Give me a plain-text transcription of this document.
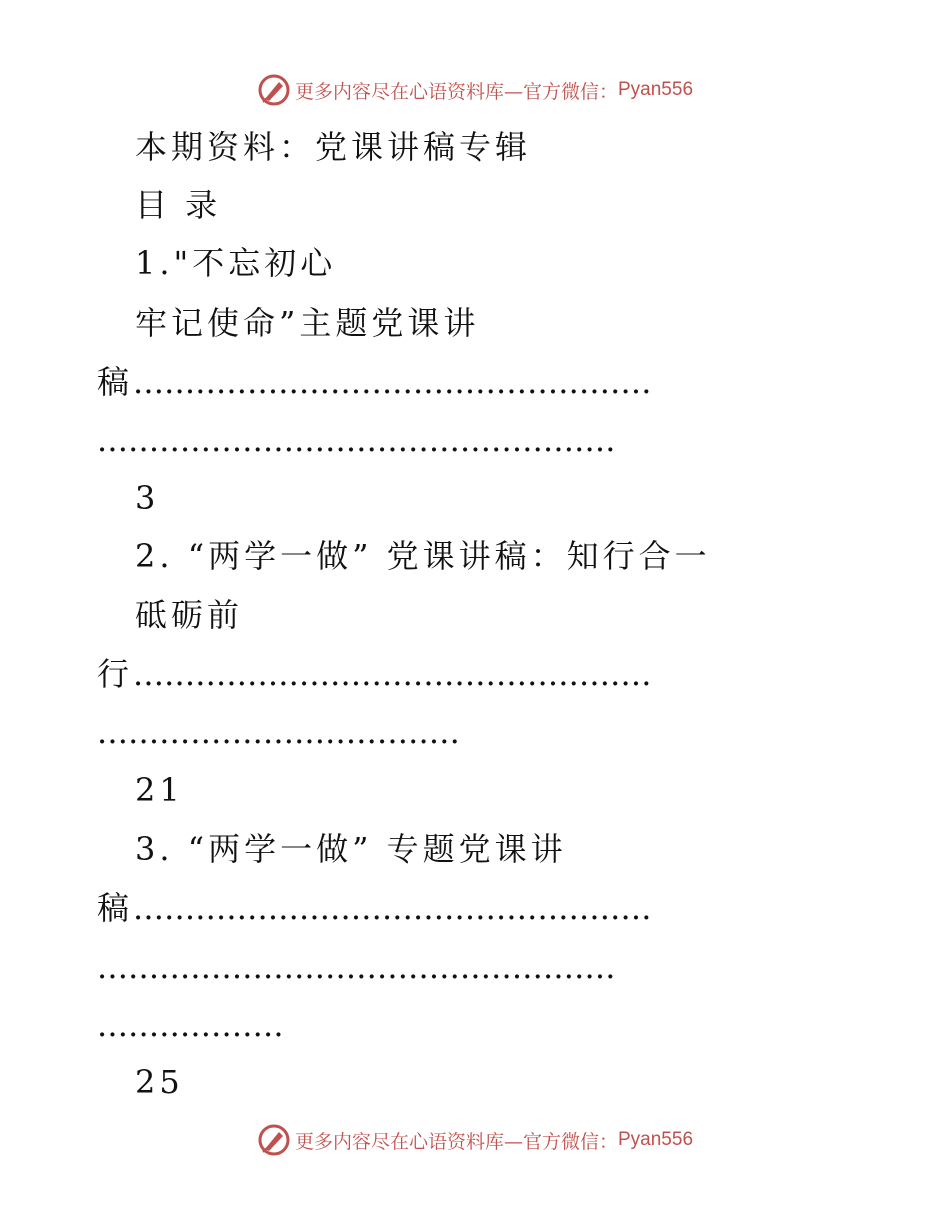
更多内容尽在心语资料库—官方微信： Pyan556
本期资料：党课讲稿专辑
目 录
1."不忘初心
牢记使命”主题党课讲
稿..................................................
..................................................
3
2. “两学一做” 党课讲稿：知行合一
砥砺前
行..................................................
...................................
21
3. “两学一做” 专题党课讲
稿..................................................
..................................................
..................
25
更多内容尽在心语资料库—官方微信： Pyan556
